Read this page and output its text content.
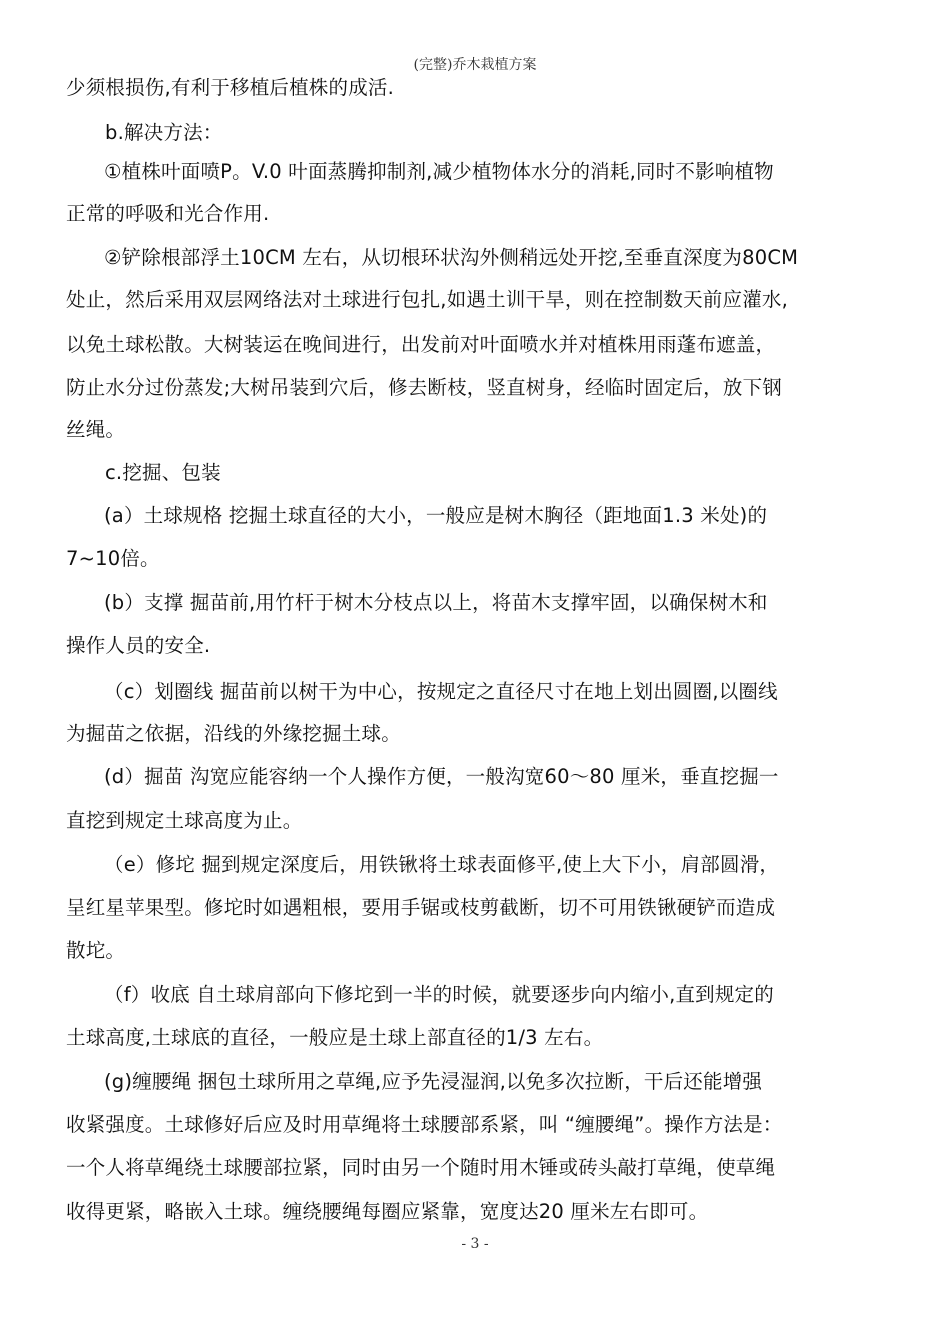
(完整)乔木栽植方案
少须根损伤,有利于移植后植株的成活.
b.解决方法：
①植株叶面喷P。V.0 叶面蒸腾抑制剂,减少植物体水分的消耗,同时不影响植物
正常的呼吸和光合作用.
②铲除根部浮土10CM 左右，从切根环状沟外侧稍远处开挖,至垂直深度为80CM
处止，然后采用双层网络法对土球进行包扎,如遇土训干旱，则在控制数天前应灌水,
以免土球松散。大树装运在晚间进行，出发前对叶面喷水并对植株用雨蓬布遮盖，
防止水分过份蒸发;大树吊装到穴后，修去断枝，竖直树身，经临时固定后，放下钢
丝绳。
c.挖掘、包装
(a）土球规格 挖掘土球直径的大小，一般应是树木胸径（距地面1.3 米处)的
7~10倍。
(b）支撑 掘苗前,用竹杆于树木分枝点以上，将苗木支撑牢固，以确保树木和
操作人员的安全.
（c）划圈线 掘苗前以树干为中心，按规定之直径尺寸在地上划出圆圈,以圈线
为掘苗之依据，沿线的外缘挖掘土球。
(d）掘苗 沟宽应能容纳一个人操作方便，一般沟宽60～80 厘米，垂直挖掘一
直挖到规定土球高度为止。
（e）修坨 掘到规定深度后，用铁锹将土球表面修平,使上大下小，肩部圆滑，
呈红星苹果型。修坨时如遇粗根，要用手锯或枝剪截断，切不可用铁锹硬铲而造成
散坨。
（f）收底 自土球肩部向下修坨到一半的时候，就要逐步向内缩小,直到规定的
土球高度,土球底的直径，一般应是土球上部直径的1/3 左右。
(g)缠腰绳 捆包土球所用之草绳,应予先浸湿润,以免多次拉断，干后还能增强
收紧强度。土球修好后应及时用草绳将土球腰部系紧，叫 “缠腰绳”。操作方法是：
一个人将草绳绕土球腰部拉紧，同时由另一个随时用木锤或砖头敲打草绳，使草绳
收得更紧，略嵌入土球。缠绕腰绳每圈应紧靠，宽度达20 厘米左右即可。
- 3 -
